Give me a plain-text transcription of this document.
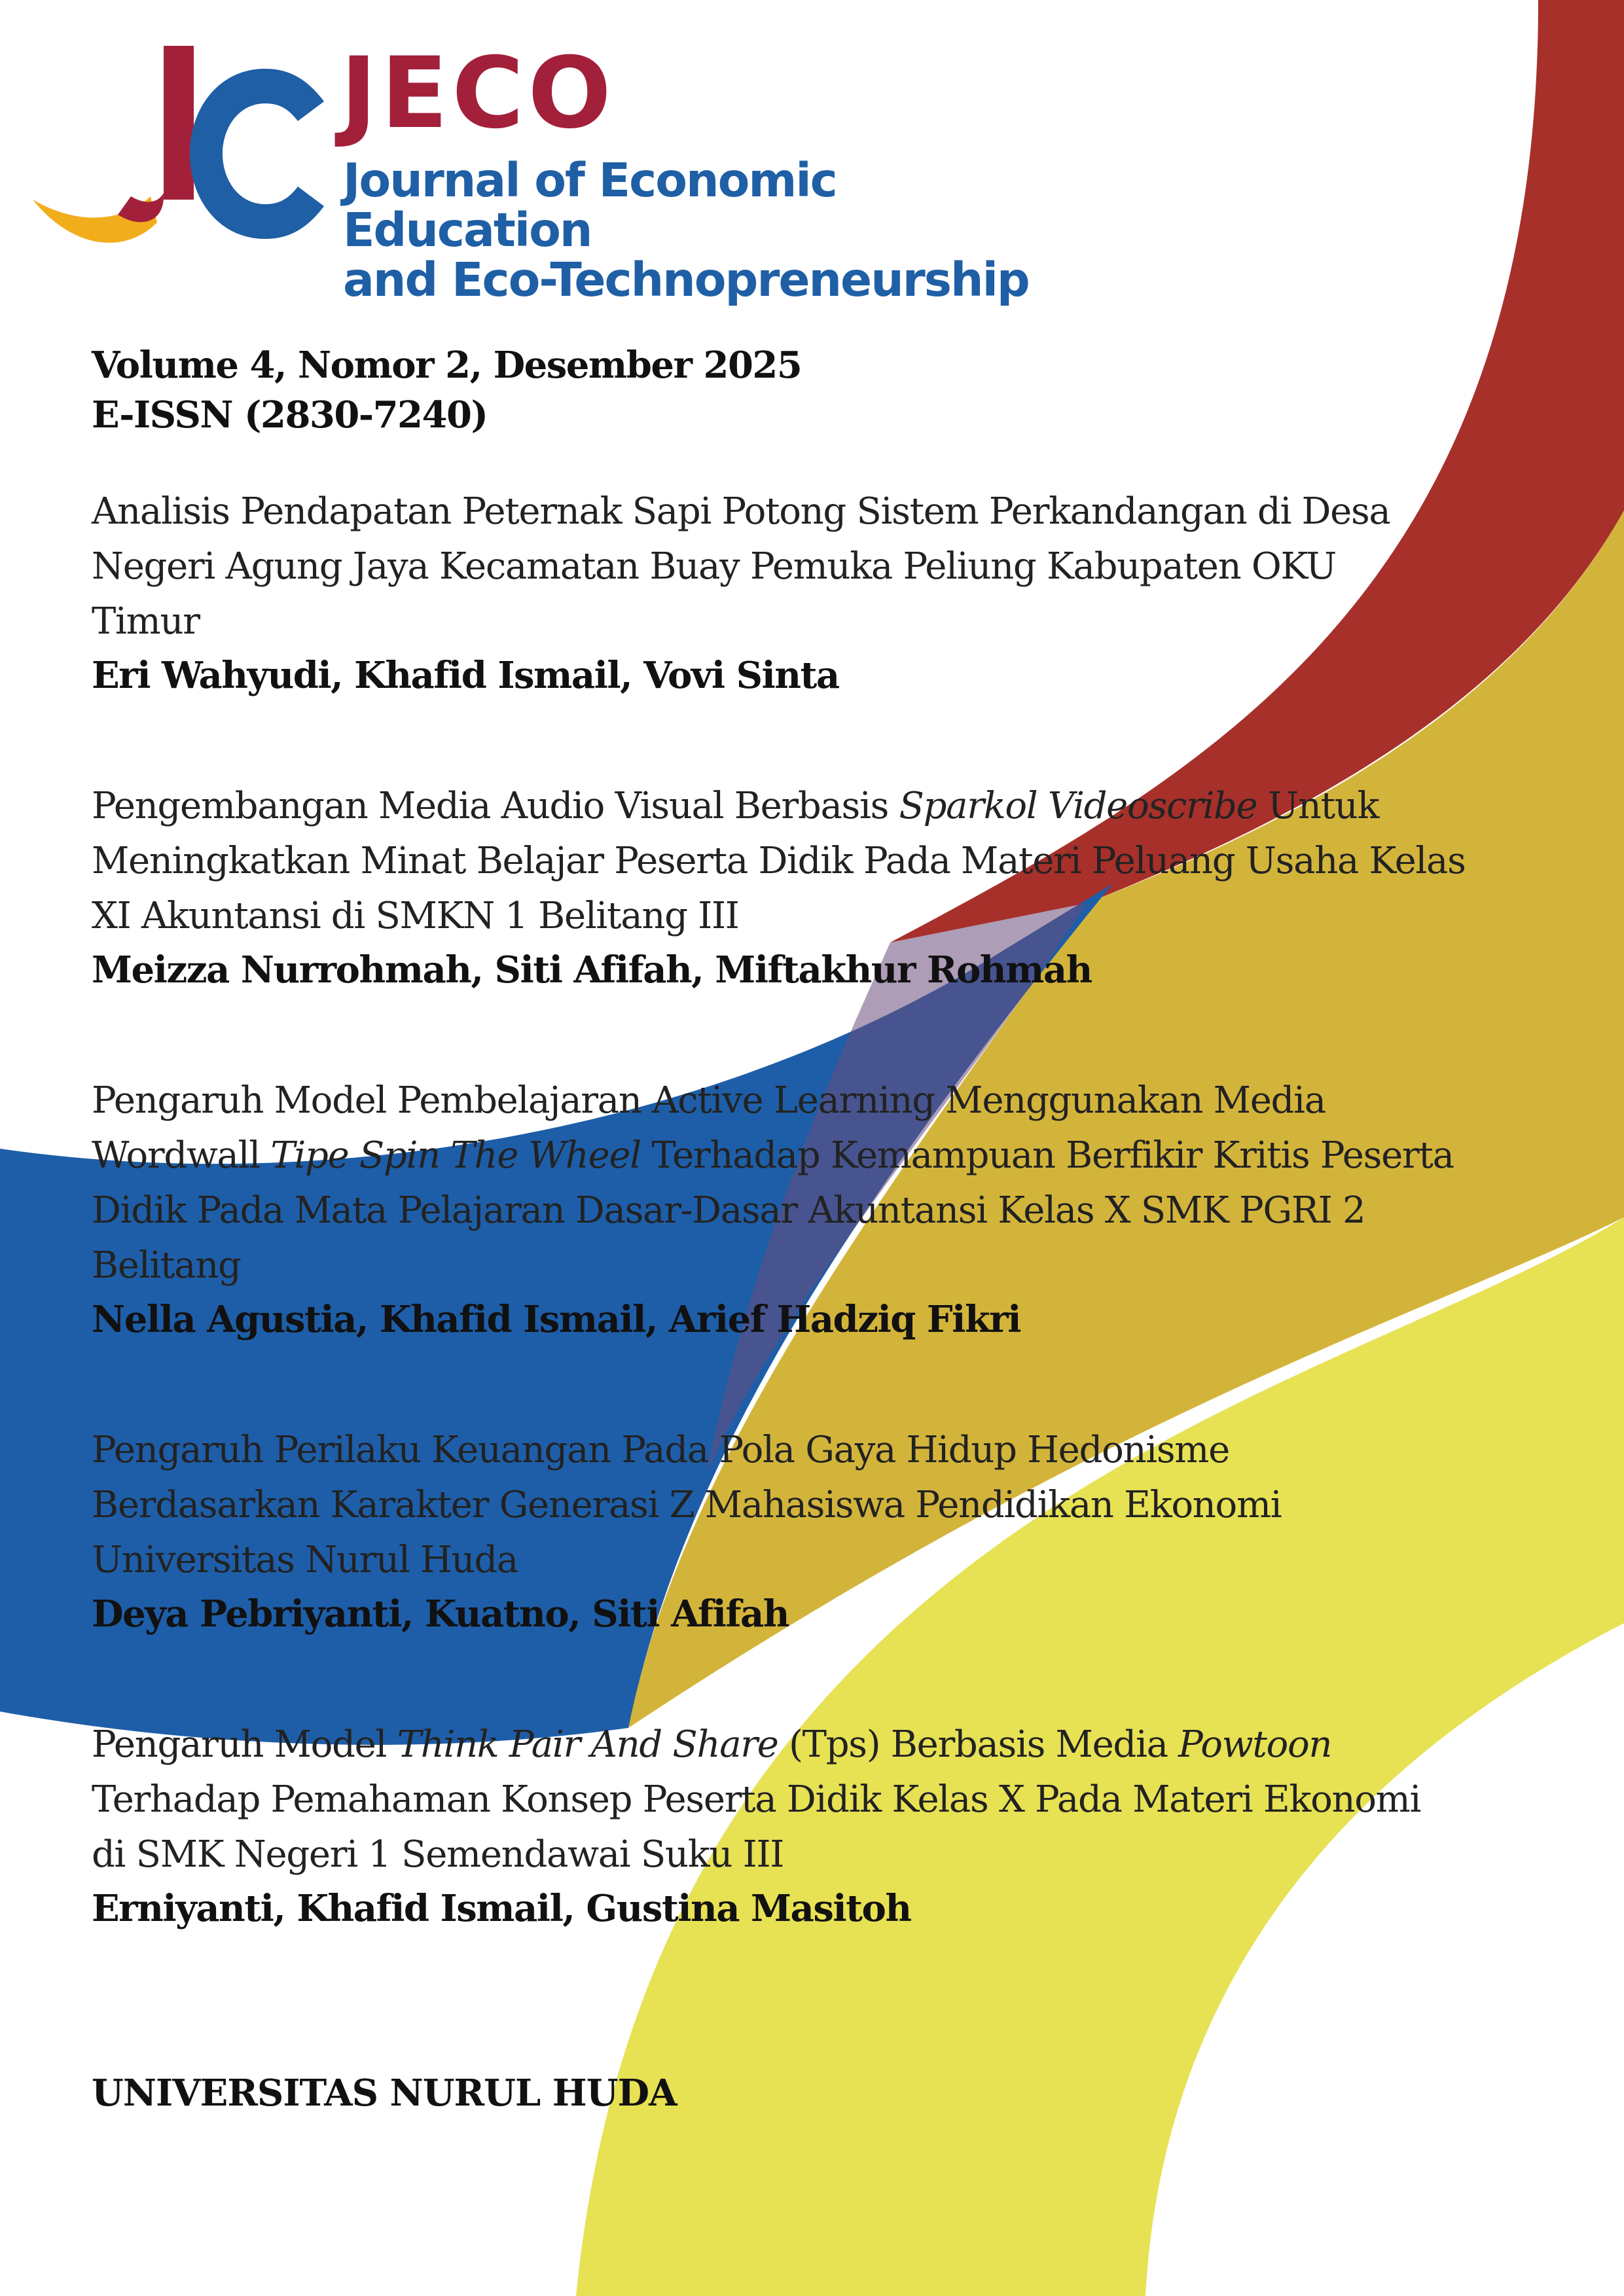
JECO
Journal of Economic Education
and Eco-Technopreneurship
Volume 4, Nomor 2, Desember 2025
E-ISSN (2830-7240)
Analisis Pendapatan Peternak Sapi Potong Sistem Perkandangan di Desa
Negeri Agung Jaya Kecamatan Buay Pemuka Peliung Kabupaten OKU
Timur
Eri Wahyudi, Khafid Ismail, Vovi Sinta
Pengembangan Media Audio Visual Berbasis Sparkol Videoscribe Untuk
Meningkatkan Minat Belajar Peserta Didik Pada Materi Peluang Usaha Kelas
XI Akuntansi di SMKN 1 Belitang III
Meizza Nurrohmah, Siti Afifah, Miftakhur Rohmah
Pengaruh Model Pembelajaran Active Learning Menggunakan Media
Wordwall Tipe Spin The Wheel Terhadap Kemampuan Berfikir Kritis Peserta
Didik Pada Mata Pelajaran Dasar-Dasar Akuntansi Kelas X SMK PGRI 2
Belitang
Nella Agustia, Khafid Ismail, Arief Hadziq Fikri
Pengaruh Perilaku Keuangan Pada Pola Gaya Hidup Hedonisme
Berdasarkan Karakter Generasi Z Mahasiswa Pendidikan Ekonomi
Universitas Nurul Huda
Deya Pebriyanti, Kuatno, Siti Afifah
Pengaruh Model Think Pair And Share (Tps) Berbasis Media Powtoon
Terhadap Pemahaman Konsep Peserta Didik Kelas X Pada Materi Ekonomi
di SMK Negeri 1 Semendawai Suku III
Erniyanti, Khafid Ismail, Gustina Masitoh
UNIVERSITAS NURUL HUDA
